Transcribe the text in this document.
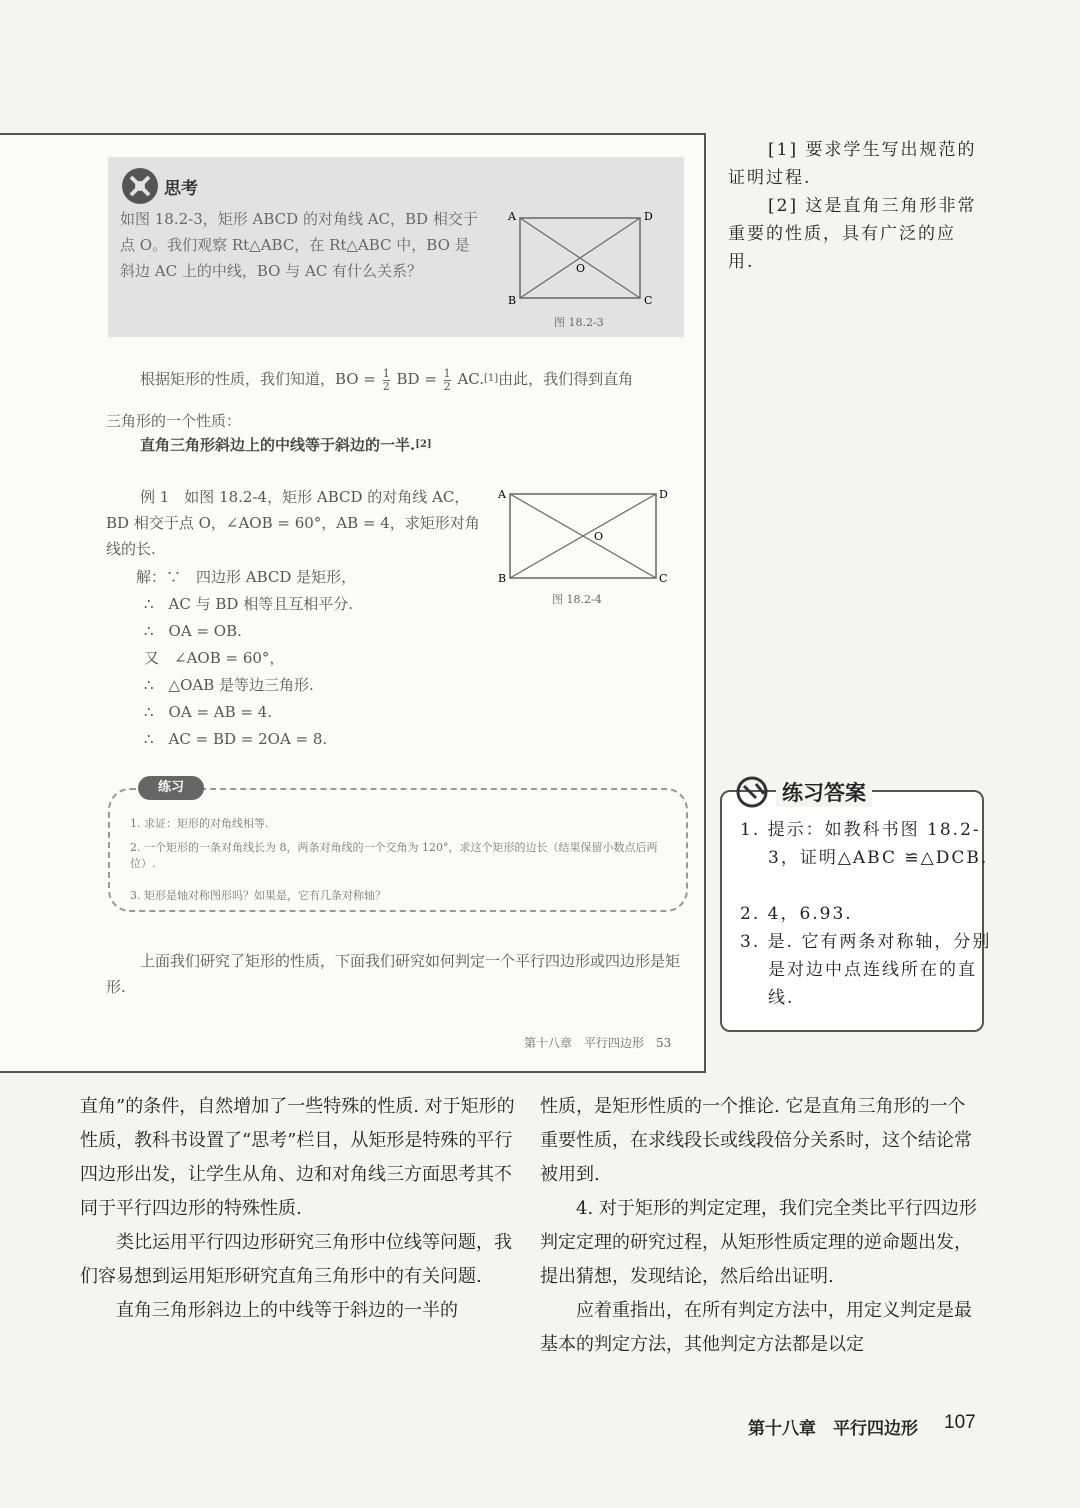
思考
如图 18.2-3，矩形 ABCD 的对角线 AC，BD 相交于点 O。我们观察 Rt△ABC，在 Rt△ABC 中，BO 是斜边 AC 上的中线，BO 与 AC 有什么关系？
A	D
B	C
O
图 18.2-3
根据矩形的性质，我们知道，BO = $\frac{1}{2}$ BD = $\frac{1}{2} AC.[1]$由此，我们得到直角
三角形的一个性质：
直角三角形斜边上的中线等于斜边的一半.[2]
例 1　如图 18.2-4，矩形 ABCD 的对角线 AC，BD 相交于点 O，∠AOB = 60°，AB = 4，求矩形对角线的长.
A	D
B	C
O
图 18.2-4
解：∵　四边形 ABCD 是矩形，
∴　AC 与 BD 相等且互相平分.
∴　OA = OB.
又　∠AOB = 60°，
∴　△OAB 是等边三角形.
∴　OA = AB = 4.
∴　AC = BD = 2OA = 8.
练习
1. 求证：矩形的对角线相等.
2. 一个矩形的一条对角线长为 8，两条对角线的一个交角为 120°，求这个矩形的边长（结果保留小数点后两位）.
3. 矩形是轴对称图形吗？如果是，它有几条对称轴？
上面我们研究了矩形的性质，下面我们研究如何判定一个平行四边形或四边形是矩形.
第十八章　平行四边形　53
[1] 要求学生写出规范的证明过程.
[2] 这是直角三角形非常重要的性质，具有广泛的应用.
练习答案
1. 提示：如教科书图 18.2-3，证明△ABC ≌△DCB.
2. 4，6.93.
3. 是. 它有两条对称轴，分别是对边中点连线所在的直线.

直角”的条件，自然增加了一些特殊的性质. 对于矩形的性质，教科书设置了“思考”栏目，从矩形是特殊的平行四边形出发，让学生从角、边和对角线三方面思考其不同于平行四边形的特殊性质.

类比运用平行四边形研究三角形中位线等问题，我们容易想到运用矩形研究直角三角形中的有关问题.

直角三角形斜边上的中线等于斜边的一半的

性质，是矩形性质的一个推论. 它是直角三角形的一个重要性质，在求线段长或线段倍分关系时，这个结论常被用到.

4. 对于矩形的判定定理，我们完全类比平行四边形判定定理的研究过程，从矩形性质定理的逆命题出发，提出猜想，发现结论，然后给出证明.

应着重指出，在所有判定方法中，用定义判定是最基本的判定方法，其他判定方法都是以定

第十八章　平行四边形 107
